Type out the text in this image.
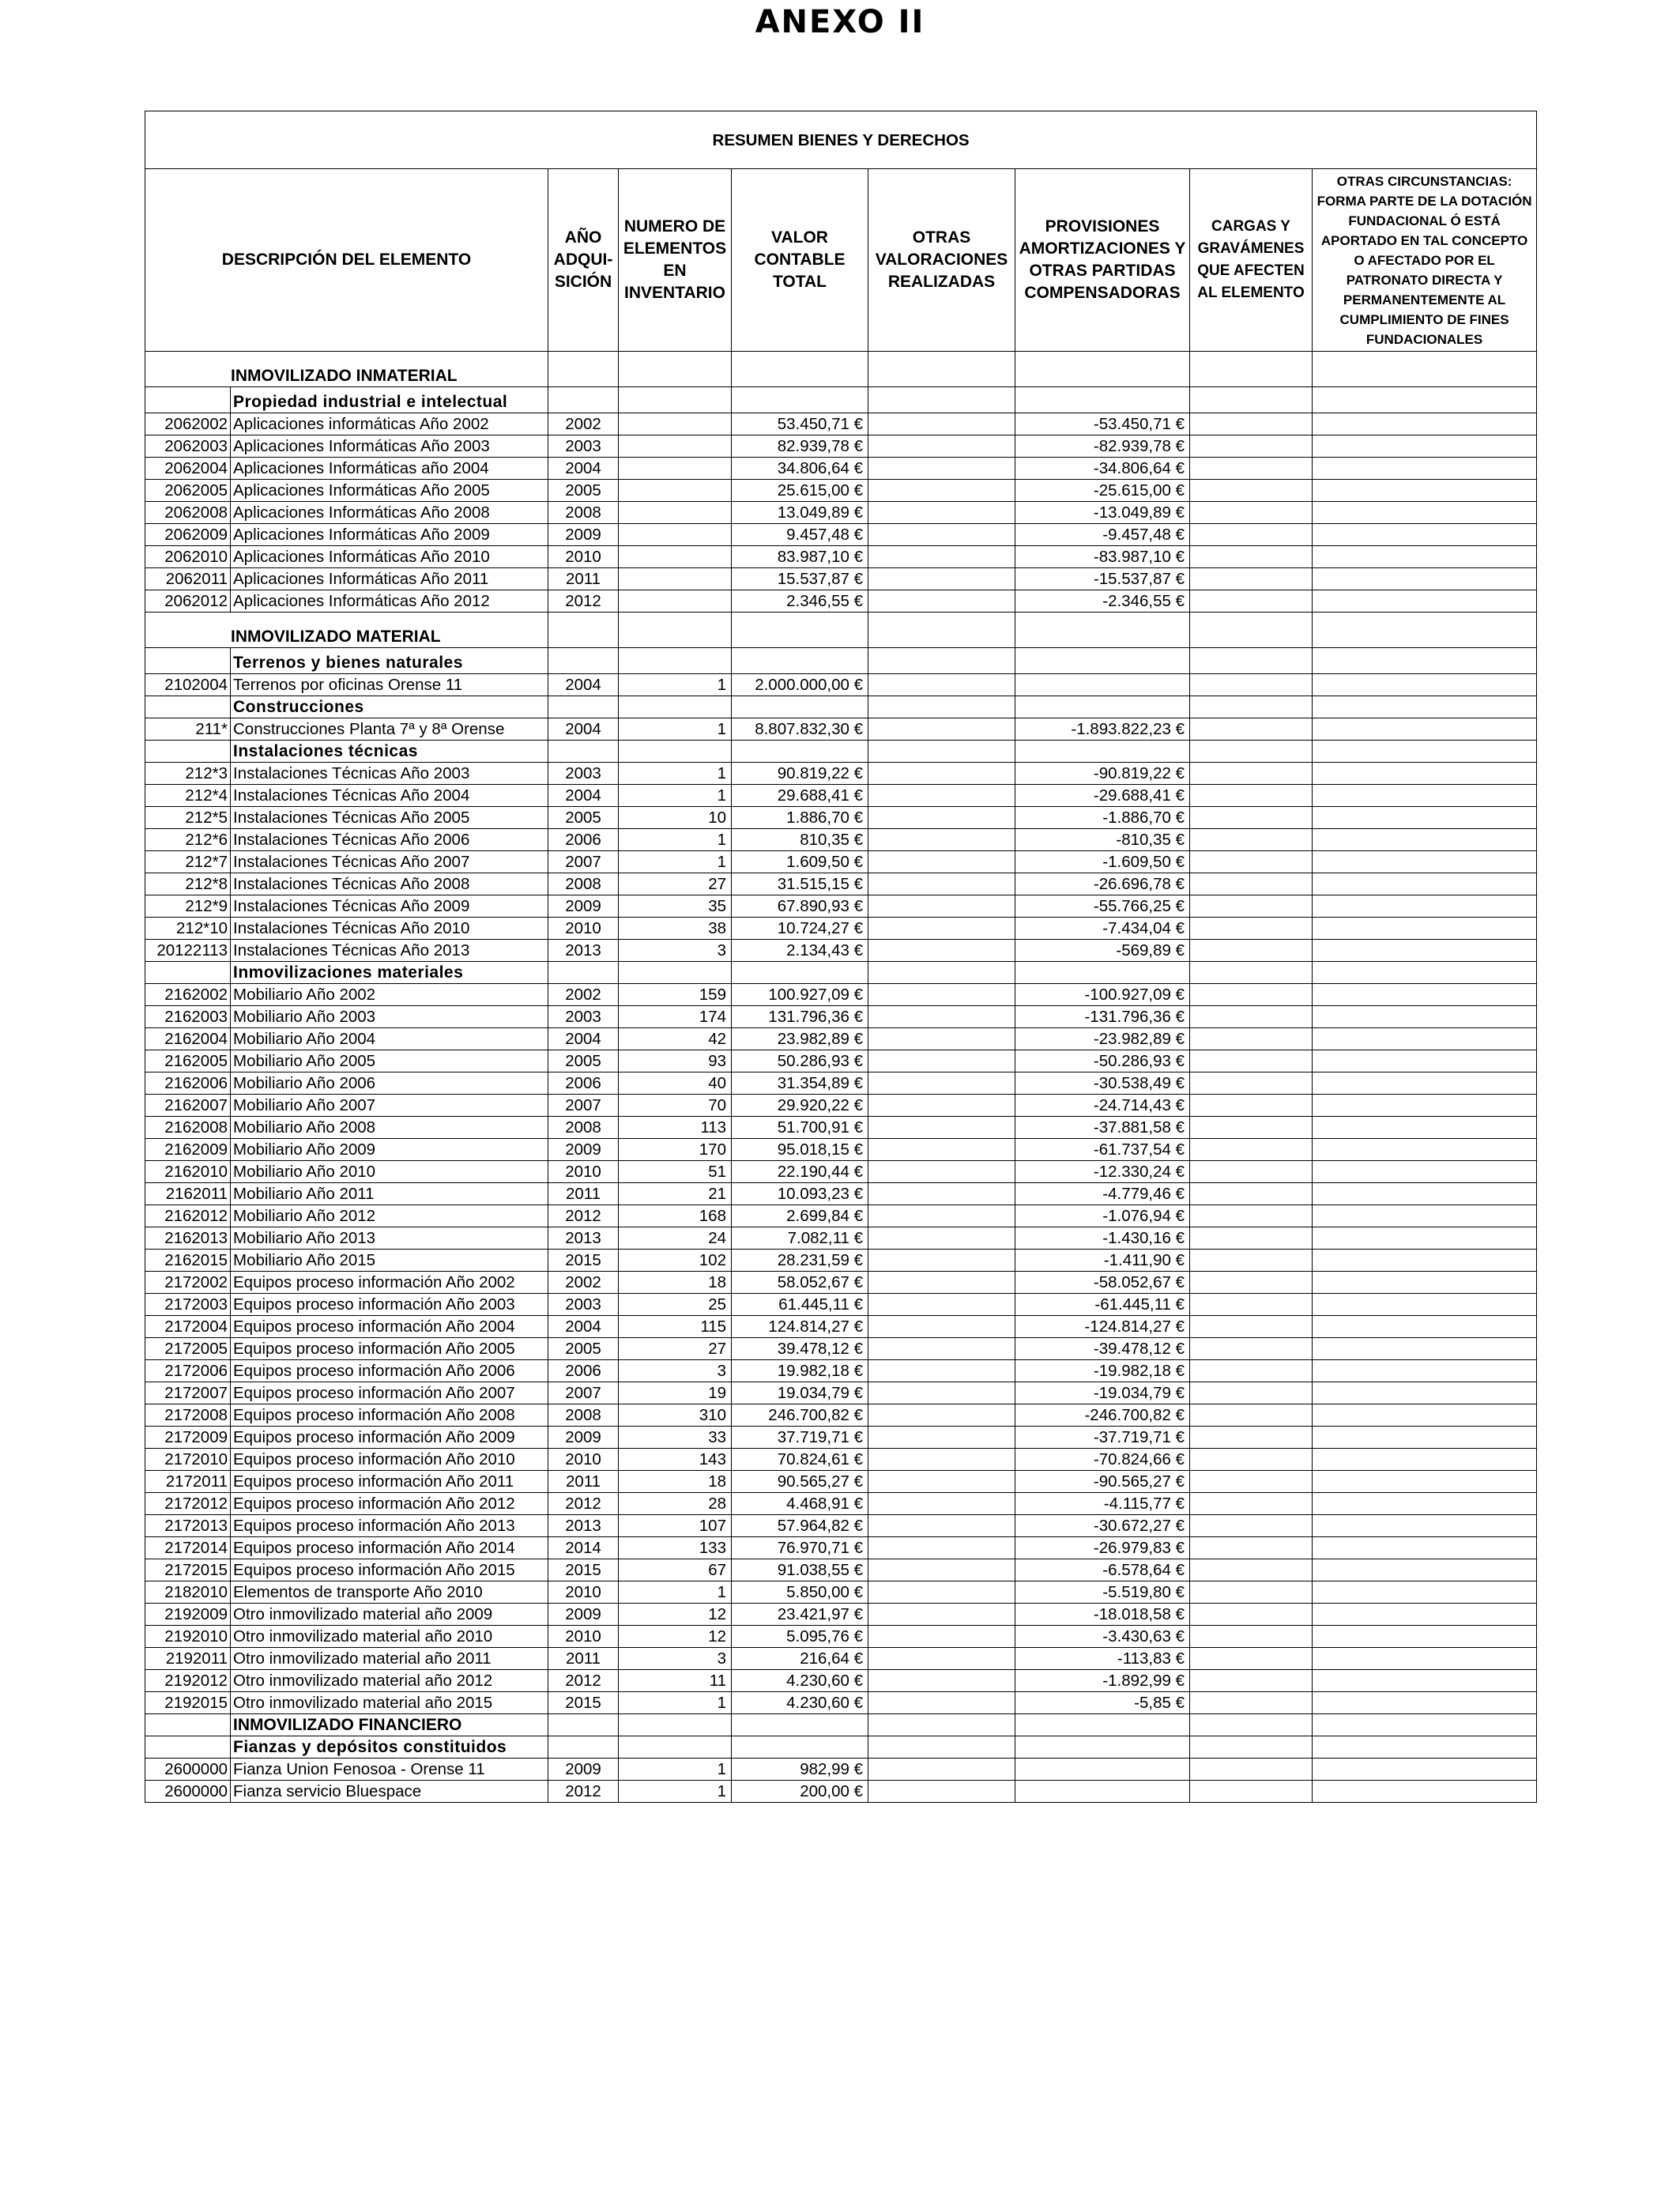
ANEXO II
RESUMEN BIENES Y DERECHOS								
DESCRIPCIÓN DEL ELEMENTO		AÑO ADQUI-SICIÓN	NUMERO DE ELEMENTOS EN INVENTARIO	VALOR CONTABLE TOTAL	OTRAS VALORACIONES REALIZADAS	PROVISIONES AMORTIZACIONES Y OTRAS PARTIDAS COMPENSADORAS	CARGAS Y GRAVÁMENES QUE AFECTEN AL ELEMENTO	OTRAS CIRCUNSTANCIAS: FORMA PARTE DE LA DOTACIÓN FUNDACIONAL Ó ESTÁ APORTADO EN TAL CONCEPTO O AFECTADO POR EL PATRONATO DIRECTA Y PERMANENTEMENTE AL CUMPLIMIENTO DE FINES FUNDACIONALES
INMOVILIZADO INMATERIAL								
	Propiedad industrial e intelectual							
2062002	Aplicaciones informáticas Año 2002	2002		53.450,71 €		-53.450,71 €		
2062003	Aplicaciones Informáticas Año 2003	2003		82.939,78 €		-82.939,78 €		
2062004	Aplicaciones Informáticas año 2004	2004		34.806,64 €		-34.806,64 €		
2062005	Aplicaciones Informáticas Año 2005	2005		25.615,00 €		-25.615,00 €		
2062008	Aplicaciones Informáticas Año 2008	2008		13.049,89 €		-13.049,89 €		
2062009	Aplicaciones Informáticas Año 2009	2009		9.457,48 €		-9.457,48 €		
2062010	Aplicaciones Informáticas Año 2010	2010		83.987,10 €		-83.987,10 €		
2062011	Aplicaciones Informáticas Año 2011	2011		15.537,87 €		-15.537,87 €		
2062012	Aplicaciones Informáticas Año 2012	2012		2.346,55 €		-2.346,55 €		
INMOVILIZADO MATERIAL								
	Terrenos y bienes naturales							
2102004	Terrenos por oficinas Orense 11	2004	1	2.000.000,00 €				
	Construcciones							
211*	Construcciones Planta 7ª y 8ª Orense	2004	1	8.807.832,30 €		-1.893.822,23 €		
	Instalaciones técnicas							
212*3	Instalaciones Técnicas Año 2003	2003	1	90.819,22 €		-90.819,22 €		
212*4	Instalaciones Técnicas Año 2004	2004	1	29.688,41 €		-29.688,41 €		
212*5	Instalaciones Técnicas Año 2005	2005	10	1.886,70 €		-1.886,70 €		
212*6	Instalaciones Técnicas Año 2006	2006	1	810,35 €		-810,35 €		
212*7	Instalaciones Técnicas Año 2007	2007	1	1.609,50 €		-1.609,50 €		
212*8	Instalaciones Técnicas Año 2008	2008	27	31.515,15 €		-26.696,78 €		
212*9	Instalaciones Técnicas Año 2009	2009	35	67.890,93 €		-55.766,25 €		
212*10	Instalaciones Técnicas Año 2010	2010	38	10.724,27 €		-7.434,04 €		
20122113	Instalaciones Técnicas Año 2013	2013	3	2.134,43 €		-569,89 €		
	Inmovilizaciones materiales							
2162002	Mobiliario Año 2002	2002	159	100.927,09 €		-100.927,09 €		
2162003	Mobiliario Año 2003	2003	174	131.796,36 €		-131.796,36 €		
2162004	Mobiliario Año 2004	2004	42	23.982,89 €		-23.982,89 €		
2162005	Mobiliario Año 2005	2005	93	50.286,93 €		-50.286,93 €		
2162006	Mobiliario Año 2006	2006	40	31.354,89 €		-30.538,49 €		
2162007	Mobiliario Año 2007	2007	70	29.920,22 €		-24.714,43 €		
2162008	Mobiliario Año 2008	2008	113	51.700,91 €		-37.881,58 €		
2162009	Mobiliario Año 2009	2009	170	95.018,15 €		-61.737,54 €		
2162010	Mobiliario Año 2010	2010	51	22.190,44 €		-12.330,24 €		
2162011	Mobiliario Año 2011	2011	21	10.093,23 €		-4.779,46 €		
2162012	Mobiliario Año 2012	2012	168	2.699,84 €		-1.076,94 €		
2162013	Mobiliario Año 2013	2013	24	7.082,11 €		-1.430,16 €		
2162015	Mobiliario Año 2015	2015	102	28.231,59 €		-1.411,90 €		
2172002	Equipos proceso información Año 2002	2002	18	58.052,67 €		-58.052,67 €		
2172003	Equipos proceso información Año 2003	2003	25	61.445,11 €		-61.445,11 €		
2172004	Equipos proceso información Año 2004	2004	115	124.814,27 €		-124.814,27 €		
2172005	Equipos proceso información Año 2005	2005	27	39.478,12 €		-39.478,12 €		
2172006	Equipos proceso información Año 2006	2006	3	19.982,18 €		-19.982,18 €		
2172007	Equipos proceso información Año 2007	2007	19	19.034,79 €		-19.034,79 €		
2172008	Equipos proceso información Año 2008	2008	310	246.700,82 €		-246.700,82 €		
2172009	Equipos proceso información Año 2009	2009	33	37.719,71 €		-37.719,71 €		
2172010	Equipos proceso información Año 2010	2010	143	70.824,61 €		-70.824,66 €		
2172011	Equipos proceso información Año 2011	2011	18	90.565,27 €		-90.565,27 €		
2172012	Equipos proceso información Año 2012	2012	28	4.468,91 €		-4.115,77 €		
2172013	Equipos proceso información Año 2013	2013	107	57.964,82 €		-30.672,27 €		
2172014	Equipos proceso información Año 2014	2014	133	76.970,71 €		-26.979,83 €		
2172015	Equipos proceso información Año 2015	2015	67	91.038,55 €		-6.578,64 €		
2182010	Elementos de transporte Año 2010	2010	1	5.850,00 €		-5.519,80 €		
2192009	Otro inmovilizado material año 2009	2009	12	23.421,97 €		-18.018,58 €		
2192010	Otro inmovilizado material año 2010	2010	12	5.095,76 €		-3.430,63 €		
2192011	Otro inmovilizado material año 2011	2011	3	216,64 €		-113,83 €		
2192012	Otro inmovilizado material año 2012	2012	11	4.230,60 €		-1.892,99 €		
2192015	Otro inmovilizado material año 2015	2015	1	4.230,60 €		-5,85 €		
	INMOVILIZADO FINANCIERO							
	Fianzas y depósitos constituidos							
2600000	Fianza Union Fenosoa - Orense 11	2009	1	982,99 €				
2600000	Fianza servicio Bluespace	2012	1	200,00 €				
